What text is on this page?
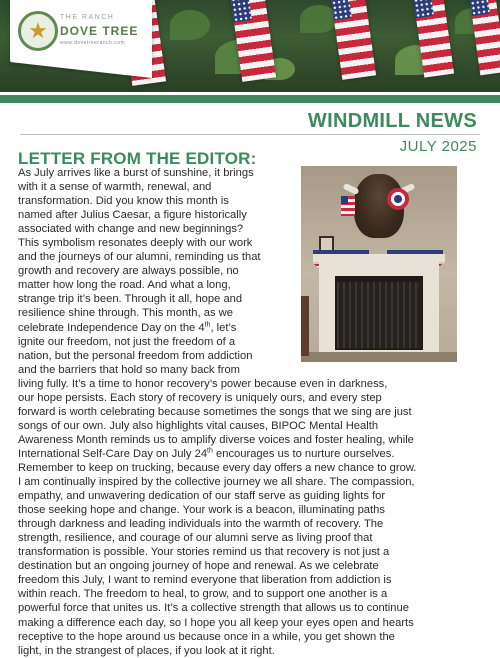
★
THE RANCH
DOVE TREE
www.dovetreeranch.com
WINDMILL NEWS
JULY 2025
LETTER FROM THE EDITOR:
As July arrives like a burst of sunshine, it brings
with it a sense of warmth, renewal, and
transformation. Did you know this month is
named after Julius Caesar, a figure historically
associated with change and new beginnings?
This symbolism resonates deeply with our work
and the journeys of our alumni, reminding us that
growth and recovery are always possible, no
matter how long the road. And what a long,
strange trip it’s been. Through it all, hope and
resilience shine through. This month, as we
celebrate Independence Day on the 4th, let’s
ignite our freedom, not just the freedom of a
nation, but the personal freedom from addiction
and the barriers that hold so many back from
living fully. It’s a time to honor recovery’s power because even in darkness,
our hope persists. Each story of recovery is uniquely ours, and every step
forward is worth celebrating because sometimes the songs that we sing are just
songs of our own. July also highlights vital causes, BIPOC Mental Health
Awareness Month reminds us to amplify diverse voices and foster healing, while
International Self-Care Day on July 24th encourages us to nurture ourselves.
Remember to keep on trucking, because every day offers a new chance to grow.
I am continually inspired by the collective journey we all share. The compassion,
empathy, and unwavering dedication of our staff serve as guiding lights for
those seeking hope and change. Your work is a beacon, illuminating paths
through darkness and leading individuals into the warmth of recovery. The
strength, resilience, and courage of our alumni serve as living proof that
transformation is possible. Your stories remind us that recovery is not just a
destination but an ongoing journey of hope and renewal. As we celebrate
freedom this July, I want to remind everyone that liberation from addiction is
within reach. The freedom to heal, to grow, and to support one another is a
powerful force that unites us. It’s a collective strength that allows us to continue
making a difference each day, so I hope you all keep your eyes open and hearts
receptive to the hope around us because once in a while, you get shown the
light, in the strangest of places, if you look at it right.
